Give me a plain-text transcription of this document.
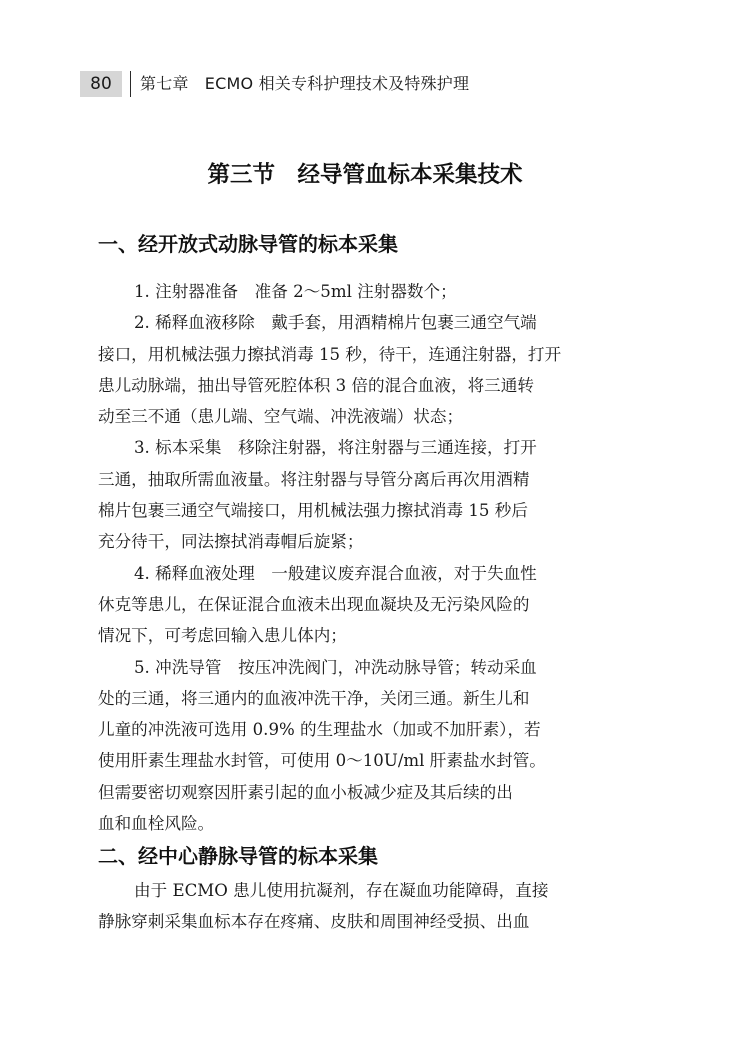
80	第七章　ECMO 相关专科护理技术及特殊护理
第三节　经导管血标本采集技术
一、经开放式动脉导管的标本采集
1. 注射器准备　准备 2～5ml 注射器数个；
2. 稀释血液移除　戴手套，用酒精棉片包裹三通空气端
接口，用机械法强力擦拭消毒 15 秒，待干，连通注射器，打开
患儿动脉端，抽出导管死腔体积 3 倍的混合血液，将三通转
动至三不通（患儿端、空气端、冲洗液端）状态；
3. 标本采集　移除注射器，将注射器与三通连接，打开
三通，抽取所需血液量。将注射器与导管分离后再次用酒精
棉片包裹三通空气端接口，用机械法强力擦拭消毒 15 秒后
充分待干，同法擦拭消毒帽后旋紧；
4. 稀释血液处理　一般建议废弃混合血液，对于失血性
休克等患儿，在保证混合血液未出现血凝块及无污染风险的
情况下，可考虑回输入患儿体内；
5. 冲洗导管　按压冲洗阀门，冲洗动脉导管；转动采血
处的三通，将三通内的血液冲洗干净，关闭三通。新生儿和
儿童的冲洗液可选用 0.9% 的生理盐水（加或不加肝素），若
使用肝素生理盐水封管，可使用 0～10U/ml 肝素盐水封管。
但需要密切观察因肝素引起的血小板减少症及其后续的出
血和血栓风险。
二、经中心静脉导管的标本采集
由于 ECMO 患儿使用抗凝剂，存在凝血功能障碍，直接
静脉穿刺采集血标本存在疼痛、皮肤和周围神经受损、出血
